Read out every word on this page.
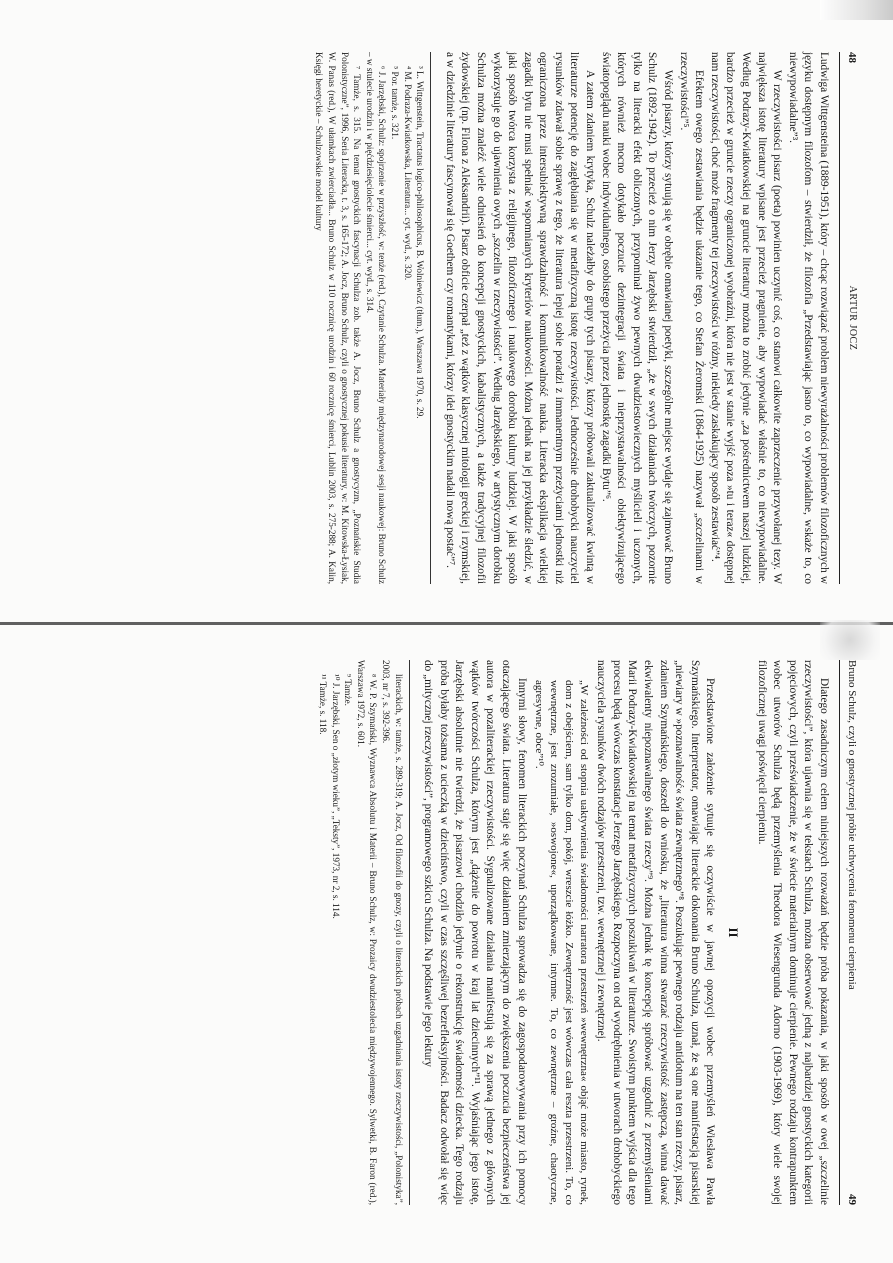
48
ARTUR JOCZ

Ludwiga Wittgensteina (1889-1951), który – chcąc rozwiązać problem niewyrażalności problemów filozoficznych w języku dostępnym filozofom – stwierdził, że filozofia „Przedstawiając jasno to, co wypowiadalne, wskaże to, co niewypowiadalne”³.

W rzeczywistości pisarz (poeta) powinien uczynić coś, co stanowi całkowite zaprzeczenie przywołanej tezy. W największa istotę literatury wpisane jest przecież pragnienie, aby wypowiadać właśnie to, co niewypowiadalne. Według Podrazy-Kwiatkowskiej na gruncie literatury można to zrobić jedynie „za pośrednictwem naszej ludzkiej, bardzo przecież w gruncie rzeczy ograniczonej wyobraźni, która nie jest w stanie wyjść poza »tu i teraz« dostępnej nam rzeczywistości, choć może fragmenty tej rzeczywistości w różny, niekiedy zaskakujący sposób zestawiać”⁴.

Efektem owego zestawiania będzie ukazanie tego, co Stefan Żeromski (1864-1925) nazywał „szczelinami w rzeczywistości”⁵.

Wśród pisarzy, którzy sytuują się w obrębie omawianej poetyki, szczególne miejsce wydaje się zajmować Bruno Schulz (1892-1942). To przecież o nim Jerzy Jarzębski stwierdził, „że w swych działaniach twórczych, pozornie tylko na literacki efekt obliczonych, przypominał żywo pewnych dwudziestowiecznych myślicieli i uczonych, których również mocno dotykało poczucie dezintegracji świata i nieprzystawalności obiektywizującego światopoglądu nauki wobec indywidualnego, osobistego przeżycia przez jednostkę zagadki Bytu”⁶.

A zatem zdaniem krytyka, Schulz należałby do grupy tych pisarzy, którzy próbowali zaktualizować kwintą w literaturze potencję do zagłębiania się w metafizyczną istotę rzeczywistości. Jednocześnie drohobycki nauczyciel rysunków zdawał sobie sprawę z tego, że literatura lepiej sobie poradzi z immanentnym przeżyciami jednostki niż ograniczona przez intersubiektywną sprawdzalność i komunikowalność nauka. Literacka eksplikacja wielkiej zagadki bytu nie musi spełniać wspomnianych kryteriów naukowości. Można jednak na jej przykładzie śledzić, w jaki sposób twórca korzysta z religijnego, filozoficznego i naukowego dorobku kultury ludzkiej. W jaki sposób wykorzystuje go do ujawnienia owych „szczelin w rzeczywistości”. Według Jarzębskiego, w artystycznym dorobku Schulza można znaleźć wiele odniesień do koncepcji gnostyckich, kabalistycznych, a także tradycyjnej filozofii żydowskiej (np. Filona z Aleksandrii). Pisarz obficie czerpał „też z wątków klasycznej mitologii greckiej i rzymskiej, a w dziedzinie literatury fascynował się Goethem czy romantykami, którzy idei gnostyckim nadali nową postać”⁷.

³ L. Wittgenstein, Tractatus logico-philosophicus, B. Wolniewicz (tłum.), Warszawa 1970, s. 29.

⁴ M. Podraza-Kwiatkowska, Literatura... cyt. wyd., s. 320.

⁵ Por. tamże, s. 321.

⁶ J. Jarzębski, Schulz: spojrzenie w przyszłość, w: tenże (red.), Czytanie Schulza. Materiały międzynarodowej sesji naukowej: Bruno Schulz – w stulecie urodzin i w pięćdziesięciolecie śmierci... cyt. wyd., s. 314.

⁷ Tamże, s. 315. Na temat gnostyckich fascynacji Schulza zob. także A. Jocz, Bruno Schulz a gnostycyzm, „Poznańskie Studia Polonistyczne”, 1996, Seria Literacka, t. 3, s. 165-172; A. Jocz, Bruno Schulz, czyli o gnostycznej pokusie literatury, w: M. Kitowska-Łysiak, W. Panas (red.), W ułamkach zwierciadła... Bruno Schulz w 110 rocznicę urodzin i 60 rocznicę śmierci, Lublin 2003, s. 275-288; A. Kalin, Księgi heretyckie – Schulzowskie model kultury

Bruno Schulz, czyli o gnostycznej próbie uchwycenia fenomenu cierpienia
49

Dlatego zasadniczym celem niniejszych rozważań będzie próba pokazania, w jaki sposób w owej „szczelinie rzeczywistości”, która ujawnia się w tekstach Schulza, można obserwować jedną z najbardziej gnostyckich kategorii pojęciowych, czyli przeświadczenie, że w świecie materialnym dominuje cierpienie. Pewnego rodzaju kontrapunktem wobec utworów Schulza będą przemyślenia Theodora Wiesengrunda Adorno (1903-1969), który wiele swojej filozoficznej uwagi poświęcił cierpieniu.

II

Przedstawione założenie sytuuje się oczywiście w jawnej opozycji wobec przemyśleń Wiesława Pawła Szymańskiego. Interpretator, omawiając literackie dokonania Bruno Schulza, uznał, że są one manifestacją pisarskiej „niewiary w »poznawalność« świata zewnętrznego”⁸. Poszukując pewnego rodzaju antidotum na ten stan rzeczy, pisarz, zdaniem Szymańskiego, doszedł do wniosku, że „literatura winna stwarzać rzeczywistość zastępczą, winna dawać ekwiwalenty niepoznawalnego świata rzeczy”⁹. Można jednak tę koncepcję spróbować uzgodnić z przemyśleniami Marii Podrazy-Kwiatkowskiej na temat metafizycznych poszukiwań w literaturze. Swoistym punktem wyjścia dla tego procesu będą wówczas konstatacje Jerzego Jarzębskiego. Rozpoczyna on od wyodrębnienia w utworach drohobyckiego nauczyciela rysunków dwóch rodzajów przestrzeni, tzw. wewnętrznej i zewnętrznej.

„W zależności od stopnia uaktywnienia świadomości narratora przestrzeń »wewnętrzna« objąć może miasto, rynek, dom z obejściem, sam tylko dom, pokój, wreszcie łóżko. Zewnętrzność jest wówczas cała reszta przestrzeni. To, co wewnętrzne, jest zrozumiałe, »oswojone«, uporządkowane, intymne. To, co zewnętrzne – groźne, chaotyczne, agresywne, obce”¹⁰.

Innymi słowy, fenomen literackich poczynań Schulza sprowadza się do zagospodarowywania przy ich pomocy otaczającego świata. Literatura staje się więc działaniem zmierzającym do zwiększenia poczucia bezpieczeństwa jej autora w pozaliterackiej rzeczywistości. Sygnalizowane działania manifestują się za sprawą jednego z głównych wątków twórczości Schulza, którym jest „dążenie do powrotu w kraj lat dziecinnych”¹¹. Wyjaśniając jego istotę, Jarzębski absolutnie nie twierdzi, że pisarzowi chodziło jedynie o rekonstrukcję świadomości dziecka. Tego rodzaju próba byłaby tożsama z ucieczką w dzieciństwo, czyli w czas szczęśliwej bezrefleksyjności. Badacz odwołał się więc do „mitycznej rzeczywistości”, programowego szkicu Schulza. Na podstawie jego lektury

literackich, w: tamże, s. 289-319; A. Jocz, Od filozofii do gnozy, czyli o literackich próbach uzgadniania istoty rzeczywistości, „Polonistyka”, 2003, nr 7, s. 392-396.

⁸ W. P. Szymański, Wyznawca Absolutu i Materii – Bruno Schulz, w: Prozaicy dwudziestolecia międzywojennego. Sylwetki, B. Faron (red.), Warszawa 1972, s. 601.

⁹ Tamże.

¹⁰ J. Jarzębski, Sen o „złotym wieku”, „Teksty”, 1973, nr 2, s. 114.

¹¹ Tamże, s. 118.
